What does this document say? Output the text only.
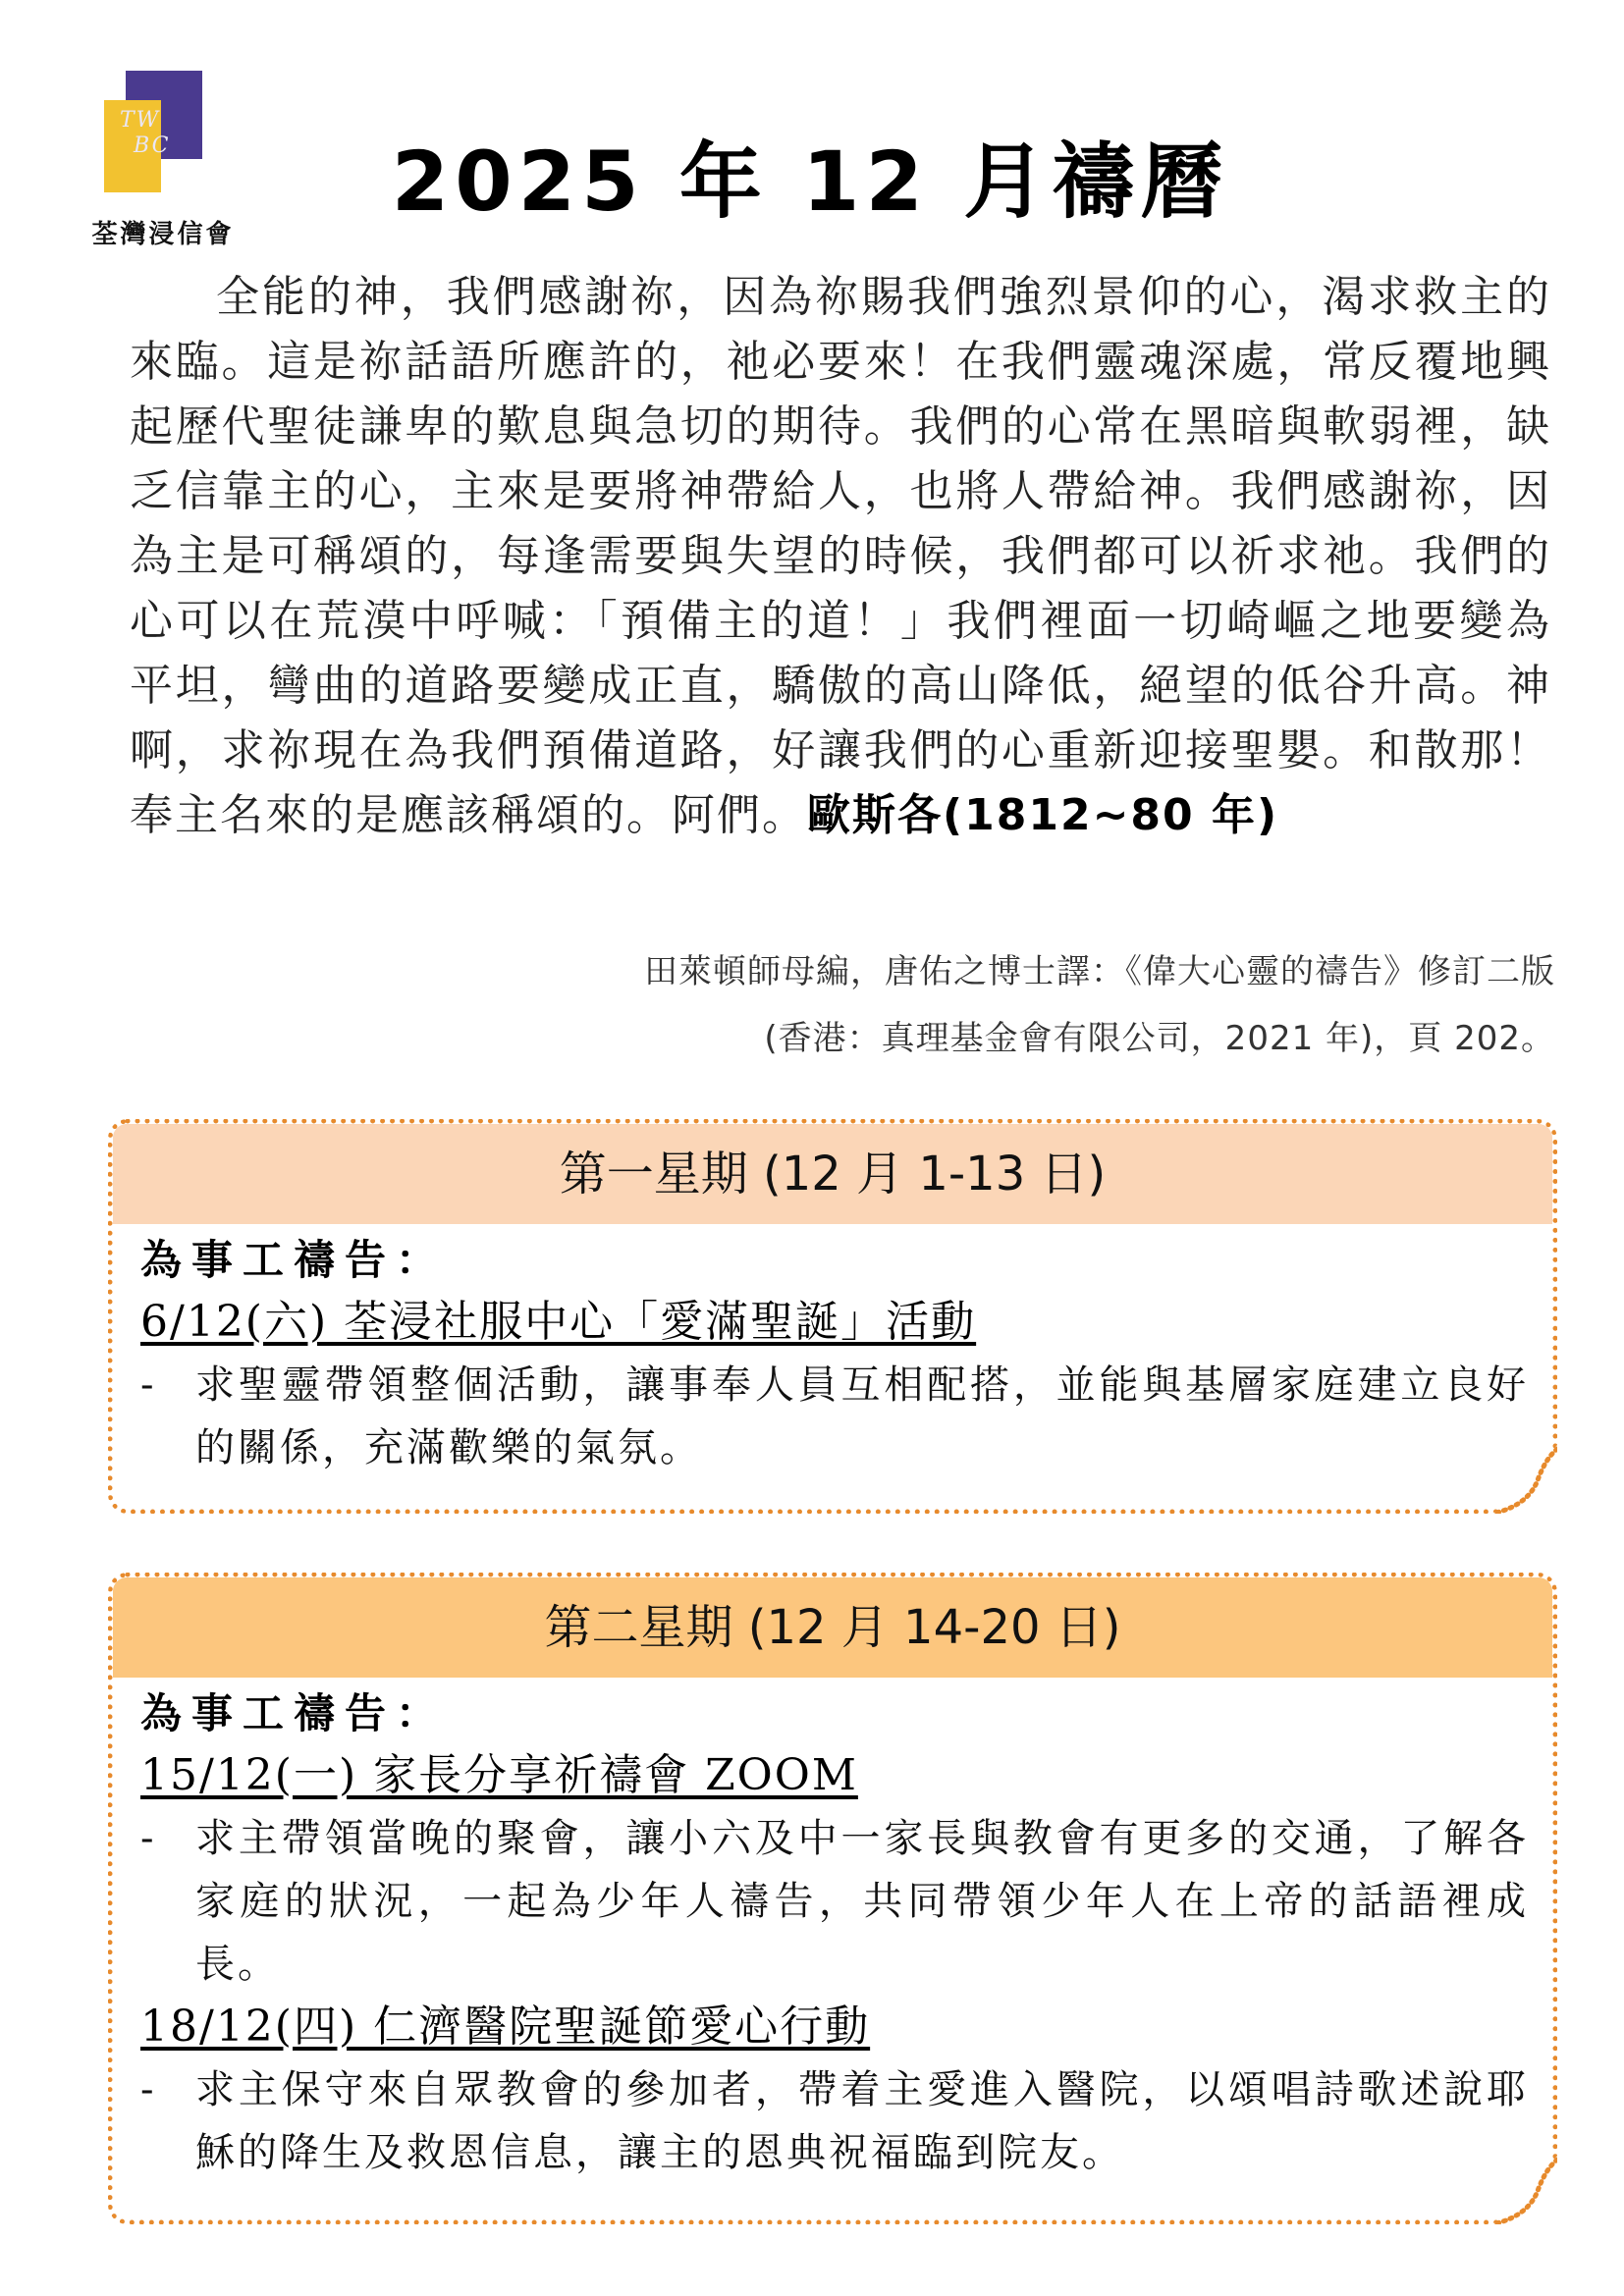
TW
BC
荃灣浸信會
2025 年 12 月禱曆
全能的神，我們感謝祢，因為祢賜我們強烈景仰的心，渴求救主的來臨。這是祢話語所應許的，祂必要來！在我們靈魂深處，常反覆地興起歷代聖徒謙卑的歎息與急切的期待。我們的心常在黑暗與軟弱裡，缺乏信靠主的心，主來是要將神帶給人，也將人帶給神。我們感謝祢，因為主是可稱頌的，每逢需要與失望的時候，我們都可以祈求祂。我們的心可以在荒漠中呼喊：「預備主的道！」我們裡面一切崎嶇之地要變為平坦，彎曲的道路要變成正直，驕傲的高山降低，絕望的低谷升高。神啊，求祢現在為我們預備道路，好讓我們的心重新迎接聖嬰。和散那！奉主名來的是應該稱頌的。阿們。歐斯各(1812~80 年)
田萊頓師母編，唐佑之博士譯：《偉大心靈的禱告》修訂二版
(香港：真理基金會有限公司，2021 年)，頁 202。
第一星期 (12 月 1-13 日)
為事工禱告：
6/12(六) 荃浸社服中心「愛滿聖誕」活動
- 求聖靈帶領整個活動，讓事奉人員互相配搭，並能與基層家庭建立良好的關係，充滿歡樂的氣氛。
第二星期 (12 月 14-20 日)
為事工禱告：
15/12(一) 家長分享祈禱會 ZOOM
- 求主帶領當晚的聚會，讓小六及中一家長與教會有更多的交通，了解各家庭的狀況，一起為少年人禱告，共同帶領少年人在上帝的話語裡成長。
18/12(四) 仁濟醫院聖誕節愛心行動
- 求主保守來自眾教會的參加者，帶着主愛進入醫院，以頌唱詩歌述說耶穌的降生及救恩信息，讓主的恩典祝福臨到院友。
